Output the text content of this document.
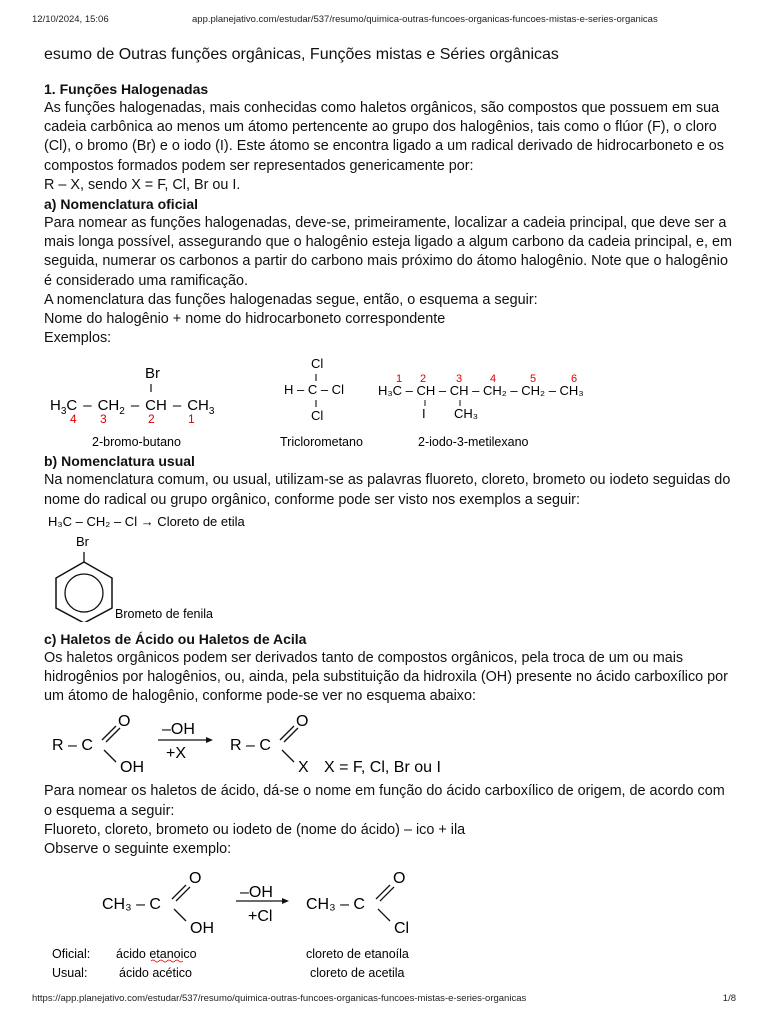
12/10/2024, 15:06	app.planejativo.com/estudar/537/resumo/quimica-outras-funcoes-organicas-funcoes-mistas-e-series-organicas
esumo de Outras funções orgânicas, Funções mistas e Séries orgânicas
1. Funções Halogenadas
As funções halogenadas, mais conhecidas como haletos orgânicos, são compostos que possuem em sua cadeia carbônica ao menos um átomo pertencente ao grupo dos halogênios, tais como o flúor (F), o cloro (Cl), o bromo (Br) e o iodo (I). Este átomo se encontra ligado a um radical derivado de hidrocarboneto e os compostos formados podem ser representados genericamente por:
R – X, sendo X = F, Cl, Br ou I.
a) Nomenclatura oficial
Para nomear as funções halogenadas, deve-se, primeiramente, localizar a cadeia principal, que deve ser a mais longa possível, assegurando que o halogênio esteja ligado a algum carbono da cadeia principal, e, em seguida, numerar os carbonos a partir do carbono mais próximo do átomo halogênio. Note que o halogênio é considerado uma ramificação.
A nomenclatura das funções halogenadas segue, então, o esquema a seguir:
Nome do halogênio + nome do hidrocarboneto correspondente
Exemplos:
Br
$H_3C - CH_2$ – CH – $CH_3$
4 3	2	1
2-bromo-butano
Cl
H – C – Cl
Cl
Triclorometano
1 2	3	4	5	6
H₃C – CH – CH – CH₂ – CH₂ – CH₃
I CH₃
2-iodo-3-metilexano
b) Nomenclatura usual
Na nomenclatura comum, ou usual, utilizam-se as palavras fluoreto, cloreto, brometo ou iodeto seguidas do nome do radical ou grupo orgânico, conforme pode ser visto nos exemplos a seguir:
H₃C – CH₂ – Cl → Cloreto de etila
Br
Brometo de fenila
c) Haletos de Ácido ou Haletos de Acila
Os haletos orgânicos podem ser derivados tanto de compostos orgânicos, pela troca de um ou mais hidrogênios por halogênios, ou, ainda, pela substituição da hidroxila (OH) presente no ácido carboxílico por um átomo de halogênio, conforme pode-se ver no esquema abaixo:
R – C
O
OH
–OH
+X	R – C
O
X X = F, Cl, Br ou I
Para nomear os haletos de ácido, dá-se o nome em função do ácido carboxílico de origem, de acordo com o esquema a seguir:
Fluoreto, cloreto, brometo ou iodeto de (nome do ácido) – ico + ila
Observe o seguinte exemplo:
CH₃ – C
O
OH
–OH
+Cl
CH₃ – C
O
Cl
Oficial: ácido etanoico	cloreto de etanoíla
Usual:	ácido acético	cloreto de acetila
https://app.planejativo.com/estudar/537/resumo/quimica-outras-funcoes-organicas-funcoes-mistas-e-series-organicas	1/8
